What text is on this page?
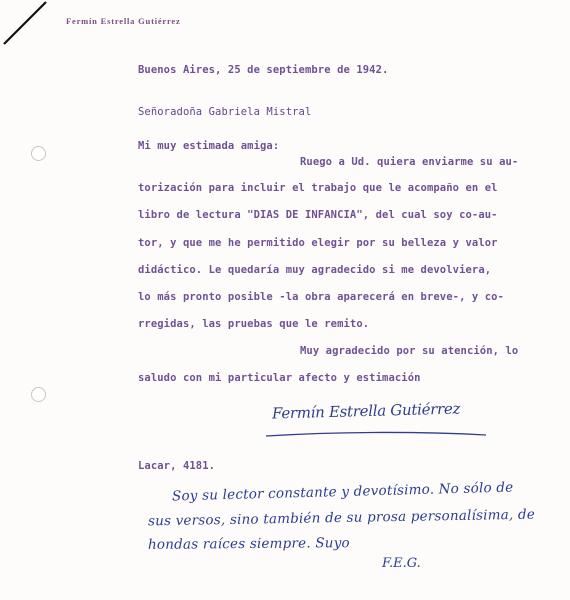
Fermín Estrella Gutiérrez
Buenos Aires, 25 de septiembre de 1942.
Señoradoña Gabriela Mistral
Mi muy estimada amiga:
Ruego a Ud. quiera enviarme su au-
torización para incluir el trabajo que le acompaño en el
libro de lectura "DIAS DE INFANCIA", del cual soy co-au-
tor, y que me he permitido elegir por su belleza y valor
didáctico. Le quedaría muy agradecido si me devolviera,
lo más pronto posible -la obra aparecerá en breve-, y co-
rregidas, las pruebas que le remito.
Muy agradecido por su atención, lo
saludo con mi particular afecto y estimación
Fermín Estrella Gutiérrez
Lacar, 4181.
Soy su lector constante y devotísimo. No sólo de
sus versos, sino también de su prosa personalísima, de
hondas raíces siempre. Suyo
F.E.G.
